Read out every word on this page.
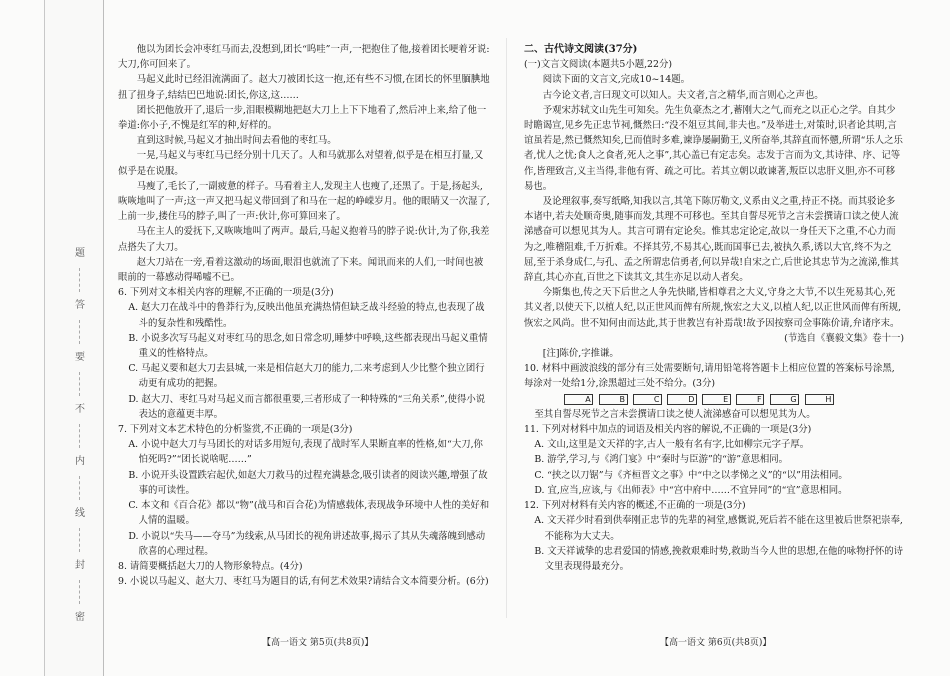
题
答
要
不
内
线
封
密

他以为团长会冲枣红马而去,没想到,团长“呜哇”一声,一把抱住了他,接着团长哽着牙说:大刀,你可回来了。

马起义此时已经泪流满面了。赵大刀被团长这一抱,还有些不习惯,在团长的怀里腼腆地扭了扭身子,结结巴巴地说:团长,你这,这……

团长把他放开了,退后一步,泪眼模糊地把赵大刀上上下下地看了,然后冲上来,给了他一拳道:你小子,不愧是红军的种,好样的。

直到这时候,马起义才抽出时间去看他的枣红马。

一晃,马起义与枣红马已经分别十几天了。人和马就那么对望着,似乎是在相互打量,又似乎是在说服。

马瘦了,毛长了,一副疲惫的样子。马看着主人,发现主人也瘦了,还黑了。于是,扬起头,咴咴地叫了一声;这一声又把马起义带回到了和马在一起的峥嵘岁月。他的眼睛又一次湿了,上前一步,搂住马的脖子,叫了一声:伙计,你可算回来了。

马在主人的爱抚下,又咴咴地叫了两声。最后,马起义抱着马的脖子说:伙计,为了你,我差点搭失了大刀。

赵大刀站在一旁,看着这激动的场面,眼泪也就流了下来。闻讯而来的人们,一时间也被眼前的一幕感动得唏嘘不已。

6. 下列对文本相关内容的理解,不正确的一项是(3分)

A. 赵大刀在战斗中的鲁莽行为,反映出他虽充满热情但缺乏战斗经验的特点,也表现了战斗的复杂性和残酷性。

B. 小说多次写马起义对枣红马的思念,如日常念叨,睡梦中呼唤,这些都表现出马起义重情重义的性格特点。

C. 马起义要和赵大刀去县城,一来是相信赵大刀的能力,二来考虑到人少比整个独立团行动更有成功的把握。

D. 赵大刀、枣红马对马起义而言都很重要,三者形成了一种特殊的“三角关系”,使得小说表达的意蕴更丰厚。

7. 下列对文本艺术特色的分析鉴赏,不正确的一项是(3分)

A. 小说中赵大刀与马团长的对话多用短句,表现了战时军人果断直率的性格,如“大刀,你怕死吗?”“团长说啥呢……”

B. 小说开头设置跌宕起伏,如赵大刀救马的过程充满悬念,吸引读者的阅读兴趣,增强了故事的可读性。

C. 本文和《百合花》都以“物”(战马和百合花)为情感载体,表现战争环境中人性的美好和人情的温暖。

D. 小说以“失马——夺马”为线索,从马团长的视角讲述故事,揭示了其从失魂落魄到感动欣喜的心理过程。

8. 请简要概括赵大刀的人物形象特点。(4分)

9. 小说以马起义、赵大刀、枣红马为题目的话,有何艺术效果?请结合文本简要分析。(6分)

二、古代诗文阅读(37分)

(一)文言文阅读(本题共5小题,22分)

阅读下面的文言文,完成10~14题。

古今论文者,言曰现文可以知人。夫文者,言之精华,而言则心之声也。

予观宋苏轼文山先生可知矣。先生负豪杰之才,蓄刚大之气,而充之以正心之学。自其少时瞻谒宣,见乡先正忠节祠,慨然曰:“没不俎豆其间,非夫也。”及举进士,对策时,识者论其明,言谊虽若是,然已慨然知矣,巳而值时多难,谏诤屡嗣勤王,义所奋举,其辞直而怀戆,所谓“乐人之乐者,忧人之忧;食人之食者,死人之事”,其心盖已有定志矣。志发于言而为文,其诗律、序、记等作,皆理致言,义主当得,非他有胥、疏之可比。若其立朝以敢谏著,叛臣以忠肝义胆,亦不可移易也。

及论理叙事,奏写纸略,知我以言,其笔下陈厉勒文,义系由义之重,持正不挠。而其驳论多本诸中,若夫处顺奇奥,随事而发,其理不可移也。至其自誓尽死节之言未尝撰请口读之使人流涕感奋可以想见其为人。其言可谓有定论矣。惟其忠定论定,故以一身任天下之重,不心力而为之,唯稽阻难,千万折难。不择其劳,不易其心,既而国事已去,被执久系,诱以大官,终不为之屈,至于杀身成仁,与孔、孟之所谓忠信勇者,何以异哉!自宋之亡,后世论其忠节为之流涕,惟其辞直,其心亦直,百世之下读其文,其生亦足以动人者矣。

今斯集也,传之天下后世之人争先快睹,皆相尊君之大义,守身之大节,不以生死易其心,死其义者,以使天下,以植人纪,以正世风而俾有所规,恢宏之大义,以植人纪,以正世风而俾有所规,恢宏之风尚。世不知何由而达此,其于世教岂有补焉哉!故予因按察司佥事陈价请,弁诸序末。

(节选自《襄毅文集》卷十一)

[注]陈价,字推谦。

10. 材料中画波浪线的部分有三处需要断句,请用铅笔将答题卡上相应位置的答案标号涂黑,每涂对一处给1分,涂黑超过三处不给分。(3分)

A	B	C	D	E	F	G	H

至其自誓尽死节之言未尝撰请口读之使人流涕感奋可以想见其为人。

11. 下列对材料中加点的词语及相关内容的解说,不正确的一项是(3分)

A. 文山,这里是文天祥的字,古人一般有名有字,比如柳宗元字子厚。

B. 游学,学习,与《鸿门宴》中“秦时与臣游”的“游”意思相同。

C. “挟之以刀锯”与《齐桓晋文之事》中“中之以孝悌之义”的“以”用法相同。

D. 宜,应当,应该,与《出师表》中“宫中府中……不宜异同”的“宜”意思相同。

12. 下列对材料有关内容的概述,不正确的一项是(3分)

A. 文天祥少时看到供奉刚正忠节的先辈的祠堂,感慨说,死后若不能在这里被后世祭祀崇奉,不能称为大丈夫。

B. 文天祥诚挚的忠君爱国的情感,挽救艰难时势,救助当今人世的思想,在他的咏物抒怀的诗文里表现得最充分。

【高一语文 第5页(共8页)】	【高一语文 第6页(共8页)】
